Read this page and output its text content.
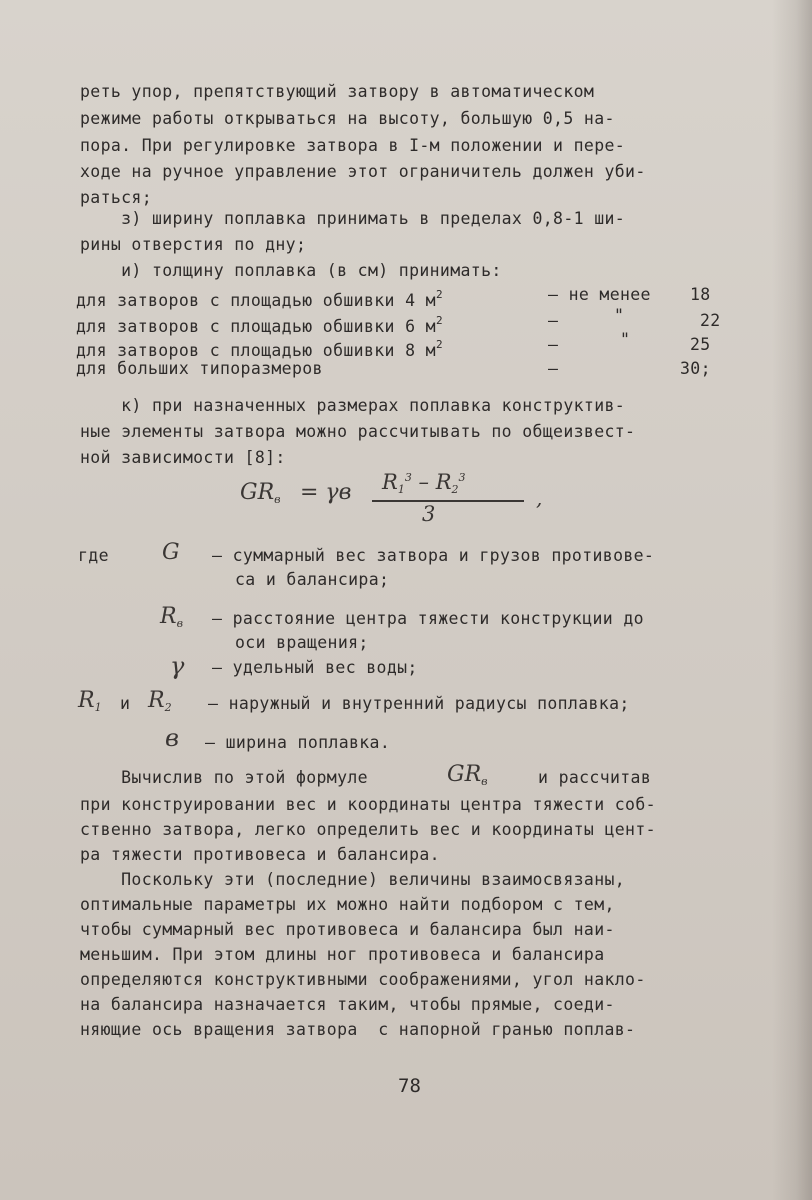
реть упор, препятствующий затвору в автоматическом
режиме работы открываться на высоту, большую 0,5 на-
пора. При регулировке затвора в I-м положении и пере-
ходе на ручное управление этот ограничитель должен уби-
раться;
з) ширину поплавка принимать в пределах 0,8-1 ши-
рины отверстия по дну;
и) толщину поплавка (в см) принимать:
для затворов с площадью обшивки 4 $м^2$	– не менее 18
для затворов с площадью обшивки 6 $м^2$	–	"	22
для затворов с площадью обшивки 8 $м^2$	–	"	25
для больших типоразмеров	–	30;
к) при назначенных размерах поплавка конструктив-
ные элементы затвора можно рассчитывать по общеизвест-
ной зависимости [8]:
$GR_в = \gamma в$ $R_1^3 - R_2^3$
3
,
где G – суммарный вес затвора и грузов противове-
са и балансира;
$R_в$ – расстояние центра тяжести конструкции до
оси вращения;
γ – удельный вес воды;
$R_1$ и $R_2$ – наружный и внутренний радиусы поплавка;
в – ширина поплавка.
Вычислив по этой формуле	$GR_в$	и рассчитав
при конструировании вес и координаты центра тяжести соб-
ственно затвора, легко определить вес и координаты цент-
ра тяжести противовеса и балансира.
Поскольку эти (последние) величины взаимосвязаны,
оптимальные параметры их можно найти подбором с тем,
чтобы суммарный вес противовеса и балансира был наи-
меньшим. При этом длины ног противовеса и балансира
определяются конструктивными соображениями, угол накло-
на балансира назначается таким, чтобы прямые, соеди-
няющие ось вращения затвора  с напорной гранью поплав-
78
